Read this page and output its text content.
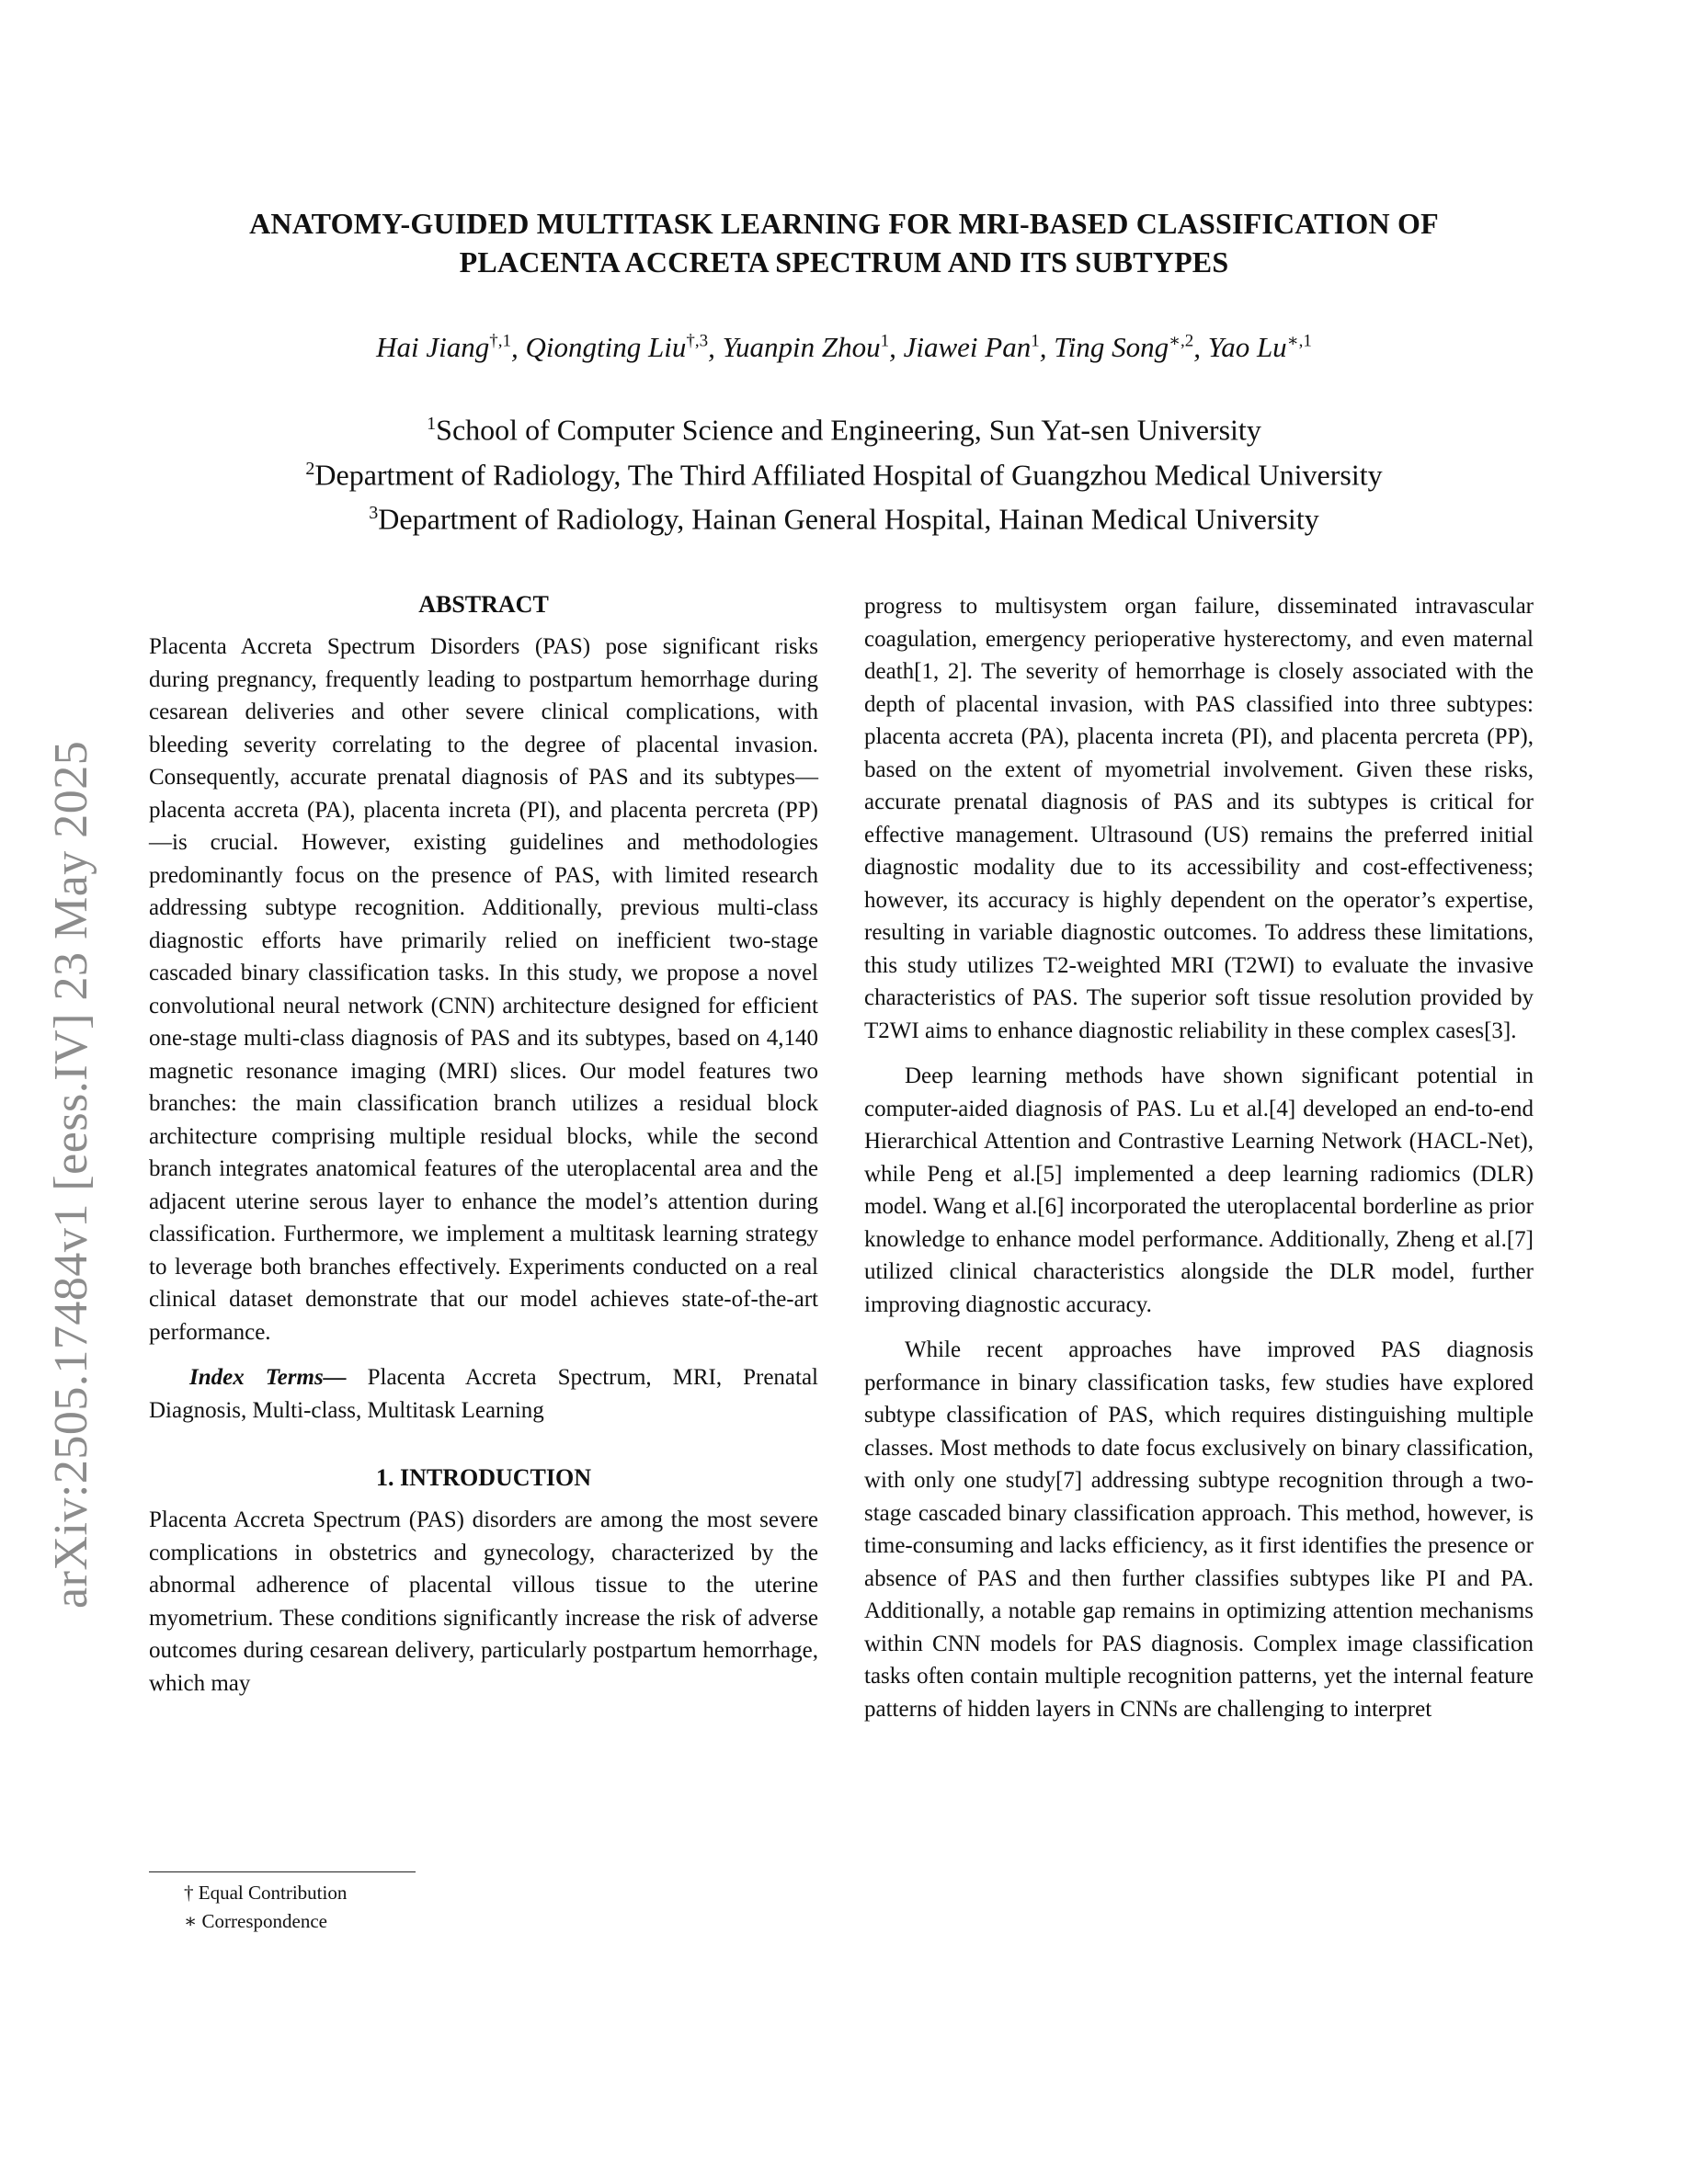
arXiv:2505.17484v1 [eess.IV] 23 May 2025
ANATOMY-GUIDED MULTITASK LEARNING FOR MRI-BASED CLASSIFICATION OF
PLACENTA ACCRETA SPECTRUM AND ITS SUBTYPES
Hai Jiang$^{\dagger,1}$, Qiongting Liu$^{\dagger,3}$, Yuanpin Zhou$^1$, Jiawei Pan$^1$, Ting Song$^{∗,2}$, Yao $Lu^{∗,1}$
$^1$School of Computer Science and Engineering, Sun Yat-sen University
$^2$Department of Radiology, The Third Affiliated Hospital of Guangzhou Medical University
$^3$Department of Radiology, Hainan General Hospital, Hainan Medical University
ABSTRACT

Placenta Accreta Spectrum Disorders (PAS) pose significant risks during pregnancy, frequently leading to postpartum hemorrhage during cesarean deliveries and other severe clinical complications, with bleeding severity correlating to the degree of placental invasion. Consequently, accurate prenatal diagnosis of PAS and its subtypes—placenta accreta (PA), placenta increta (PI), and placenta percreta (PP)—is crucial. However, existing guidelines and methodologies predominantly focus on the presence of PAS, with limited research addressing subtype recognition. Additionally, previous multi-class diagnostic efforts have primarily relied on inefficient two-stage cascaded binary classification tasks. In this study, we propose a novel convolutional neural network (CNN) architecture designed for efficient one-stage multi-class diagnosis of PAS and its subtypes, based on 4,140 magnetic resonance imaging (MRI) slices. Our model features two branches: the main classification branch utilizes a residual block architecture comprising multiple residual blocks, while the second branch integrates anatomical features of the uteroplacental area and the adjacent uterine serous layer to enhance the model’s attention during classification. Furthermore, we implement a multitask learning strategy to leverage both branches effectively. Experiments conducted on a real clinical dataset demonstrate that our model achieves state-of-the-art performance.

Index Terms— Placenta Accreta Spectrum, MRI, Prenatal Diagnosis, Multi-class, Multitask Learning

1. INTRODUCTION

Placenta Accreta Spectrum (PAS) disorders are among the most severe complications in obstetrics and gynecology, characterized by the abnormal adherence of placental villous tissue to the uterine myometrium. These conditions significantly increase the risk of adverse outcomes during cesarean delivery, particularly postpartum hemorrhage, which may

† Equal Contribution
∗ Correspondence

progress to multisystem organ failure, disseminated intravascular coagulation, emergency perioperative hysterectomy, and even maternal death[1, 2]. The severity of hemorrhage is closely associated with the depth of placental invasion, with PAS classified into three subtypes: placenta accreta (PA), placenta increta (PI), and placenta percreta (PP), based on the extent of myometrial involvement. Given these risks, accurate prenatal diagnosis of PAS and its subtypes is critical for effective management. Ultrasound (US) remains the preferred initial diagnostic modality due to its accessibility and cost-effectiveness; however, its accuracy is highly dependent on the operator’s expertise, resulting in variable diagnostic outcomes. To address these limitations, this study utilizes T2-weighted MRI (T2WI) to evaluate the invasive characteristics of PAS. The superior soft tissue resolution provided by T2WI aims to enhance diagnostic reliability in these complex cases[3].

Deep learning methods have shown significant potential in computer-aided diagnosis of PAS. Lu et al.[4] developed an end-to-end Hierarchical Attention and Contrastive Learning Network (HACL-Net), while Peng et al.[5] implemented a deep learning radiomics (DLR) model. Wang et al.[6] incorporated the uteroplacental borderline as prior knowledge to enhance model performance. Additionally, Zheng et al.[7] utilized clinical characteristics alongside the DLR model, further improving diagnostic accuracy.

While recent approaches have improved PAS diagnosis performance in binary classification tasks, few studies have explored subtype classification of PAS, which requires distinguishing multiple classes. Most methods to date focus exclusively on binary classification, with only one study[7] addressing subtype recognition through a two-stage cascaded binary classification approach. This method, however, is time-consuming and lacks efficiency, as it first identifies the presence or absence of PAS and then further classifies subtypes like PI and PA. Additionally, a notable gap remains in optimizing attention mechanisms within CNN models for PAS diagnosis. Complex image classification tasks often contain multiple recognition patterns, yet the internal feature patterns of hidden layers in CNNs are challenging to interpret
